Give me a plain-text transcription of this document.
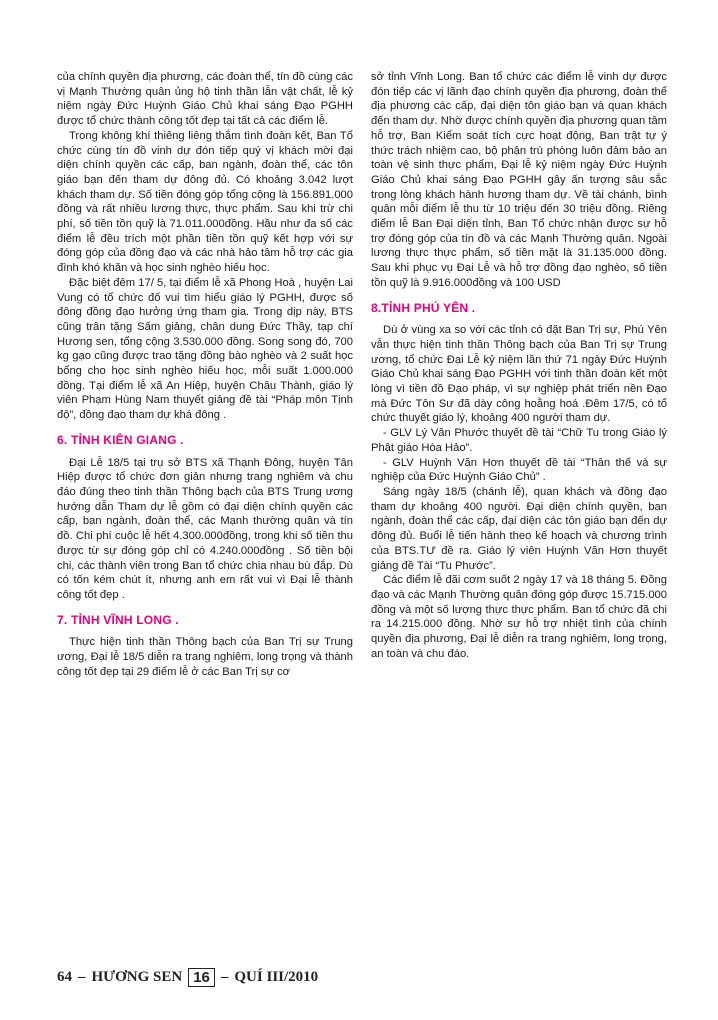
của chính quyền địa phương, các đoàn thể, tín đồ cùng các vị Mạnh Thường quân ủng hộ tinh thần lẫn vật chất, lễ kỷ niệm ngày Đức Huỳnh Giáo Chủ khai sáng Đạo PGHH được tổ chức thành công tốt đẹp tại tất cả các điểm lễ.

Trong không khí thiêng liêng thắm tình đoàn kết, Ban Tổ chức cùng tín đồ vinh dự đón tiếp quý vị khách mời đại diện chính quyền các cấp, ban ngành, đoàn thể, các tôn giáo bạn đến tham dự đông đủ. Có khoảng 3.042 lượt khách tham dự. Số tiền đóng góp tổng cộng là 156.891.000 đồng và rất nhiều lương thực, thực phẩm. Sau khi trừ chi phí, số tiền tồn quỹ là 71.011.000đồng. Hầu như đa số các điểm lễ đều trích một phần tiền tồn quỹ kết hợp với sự đóng góp của đồng đạo và các nhà hảo tâm hỗ trợ các gia đình khó khăn và học sinh nghèo hiếu học.

Đặc biệt đêm 17/ 5, tại điểm lễ xã Phong Hoà , huyện Lai Vung có tổ chức đố vui tìm hiểu giáo lý PGHH, được số đông đồng đạo hưởng ứng tham gia. Trong dịp này, BTS cũng trân tặng Sấm giảng, chân dung Đức Thầy, tạp chí Hương sen, tổng cộng 3.530.000 đồng. Song song đó, 700 kg gạo cũng được trao tặng đồng bào nghèo và 2 suất học bổng cho học sinh nghèo hiếu học, mỗi suất 1.000.000 đồng. Tại điểm lễ xã An Hiệp, huyện Châu Thành, giáo lý viên Phạm Hùng Nam thuyết giảng đề tài “Pháp môn Tịnh độ”, đồng đạo tham dự khá đông .

6. TỈNH KIÊN GIANG .

Đại Lễ 18/5 tại trụ sở BTS xã Thạnh Đông, huyện Tân Hiệp được tổ chức đơn giản nhưng trang nghiêm và chu đáo đúng theo tinh thần Thông bạch của BTS Trung ương hướng dẫn Tham dự lễ gồm có đại diện chính quyền các cấp, ban ngành, đoàn thể, các Mạnh thường quân và tín đồ. Chi phí cuộc lễ hết 4.300.000đồng, trong khi số tiền thu được từ sự đóng góp chỉ có 4.240.000đồng . Số tiền bội chi, các thành viên trong Ban tổ chức chia nhau bù đắp. Dù có tốn kém chút ít, nhưng anh em rất vui vì Đại lễ thành công tốt đẹp .

7. TỈNH VĨNH LONG .

Thực hiện tinh thần Thông bạch của Ban Trị sự Trung ương, Đại lễ 18/5 diễn ra trang nghiêm, long trọng và thành công tốt đẹp tại 29 điểm lễ ở các Ban Trị sự cơ

sở tỉnh Vĩnh Long. Ban tổ chức các điểm lễ vinh dự được đón tiếp các vị lãnh đạo chính quyền địa phương, đoàn thể địa phương các cấp, đại diện tôn giáo bạn và quan khách đến tham dự. Nhờ được chính quyền địa phương quan tâm hỗ trợ, Ban Kiểm soát tích cực hoạt động, Ban trật tự ý thức trách nhiệm cao, bộ phận trù phòng luôn đảm bảo an toàn vệ sinh thực phẩm, Đại lễ kỷ niệm ngày Đức Huỳnh Giáo Chủ khai sáng Đạo PGHH gây ấn tượng sâu sắc trong lòng khách hành hương tham dự. Về tài chánh, bình quân mỗi điểm lễ thu từ 10 triệu đến 30 triệu đồng. Riêng điểm lễ Ban Đại diện tỉnh, Ban Tổ chức nhận được sự hỗ trợ đóng góp của tín đồ và các Mạnh Thường quân. Ngoài lương thực thực phẩm, số tiền mặt là 31.135.000 đồng. Sau khi phục vụ Đại Lễ và hỗ trợ đồng đạo nghèo, số tiền tồn quỹ là 9.916.000đồng và 100 USD

8.TỈNH PHÚ YÊN .

Dù ở vùng xa so với các tỉnh có đặt Ban Trị sự, Phú Yên vẫn thực hiện tinh thần Thông bạch của Ban Trị sự Trung ương, tổ chức Đại Lễ kỷ niệm lần thứ 71 ngày Đức Huỳnh Giáo Chủ khai sáng Đạo PGHH với tinh thần đoàn kết một lòng vì tiền đồ Đạo pháp, vì sự nghiệp phát triển nền Đạo mà Đức Tôn Sư đã dày công hoằng hoá .Đêm 17/5, có tổ chức thuyết giáo lý, khoảng 400 người tham dự.

- GLV Lý Văn Phước thuyết đề tài “Chữ Tu trong Giáo lý Phật giáo Hòa Hảo”.

- GLV Huỳnh Văn Hơn thuyết đề tài “Thân thế và sự nghiệp của Đức Huỳnh Giáo Chủ” .

Sáng ngày 18/5 (chánh lễ), quan khách và đồng đạo tham dự khoảng 400 người. Đại diện chính quyền, ban ngành, đoàn thể các cấp, đại diện các tôn giáo bạn đến dự đông đủ. Buổi lễ tiến hành theo kế hoạch và chương trình của BTS.TƯ đề ra. Giáo lý viên Huỳnh Văn Hơn thuyết giảng đề Tài “Tu Phước”.

Các điểm lễ đãi cơm suốt 2 ngày 17 và 18 tháng 5. Đồng đạo và các Mạnh Thường quân đóng góp được 15.715.000 đồng và một số lượng thực thực phẩm. Ban tổ chức đã chi ra 14.215.000 đồng. Nhờ sự hỗ trợ nhiệt tình của chính quyền địa phương, Đại lễ diễn ra trang nghiêm, long trọng, an toàn và chu đáo.

64 – HƯƠNG SEN 16 – QUÍ III/2010
